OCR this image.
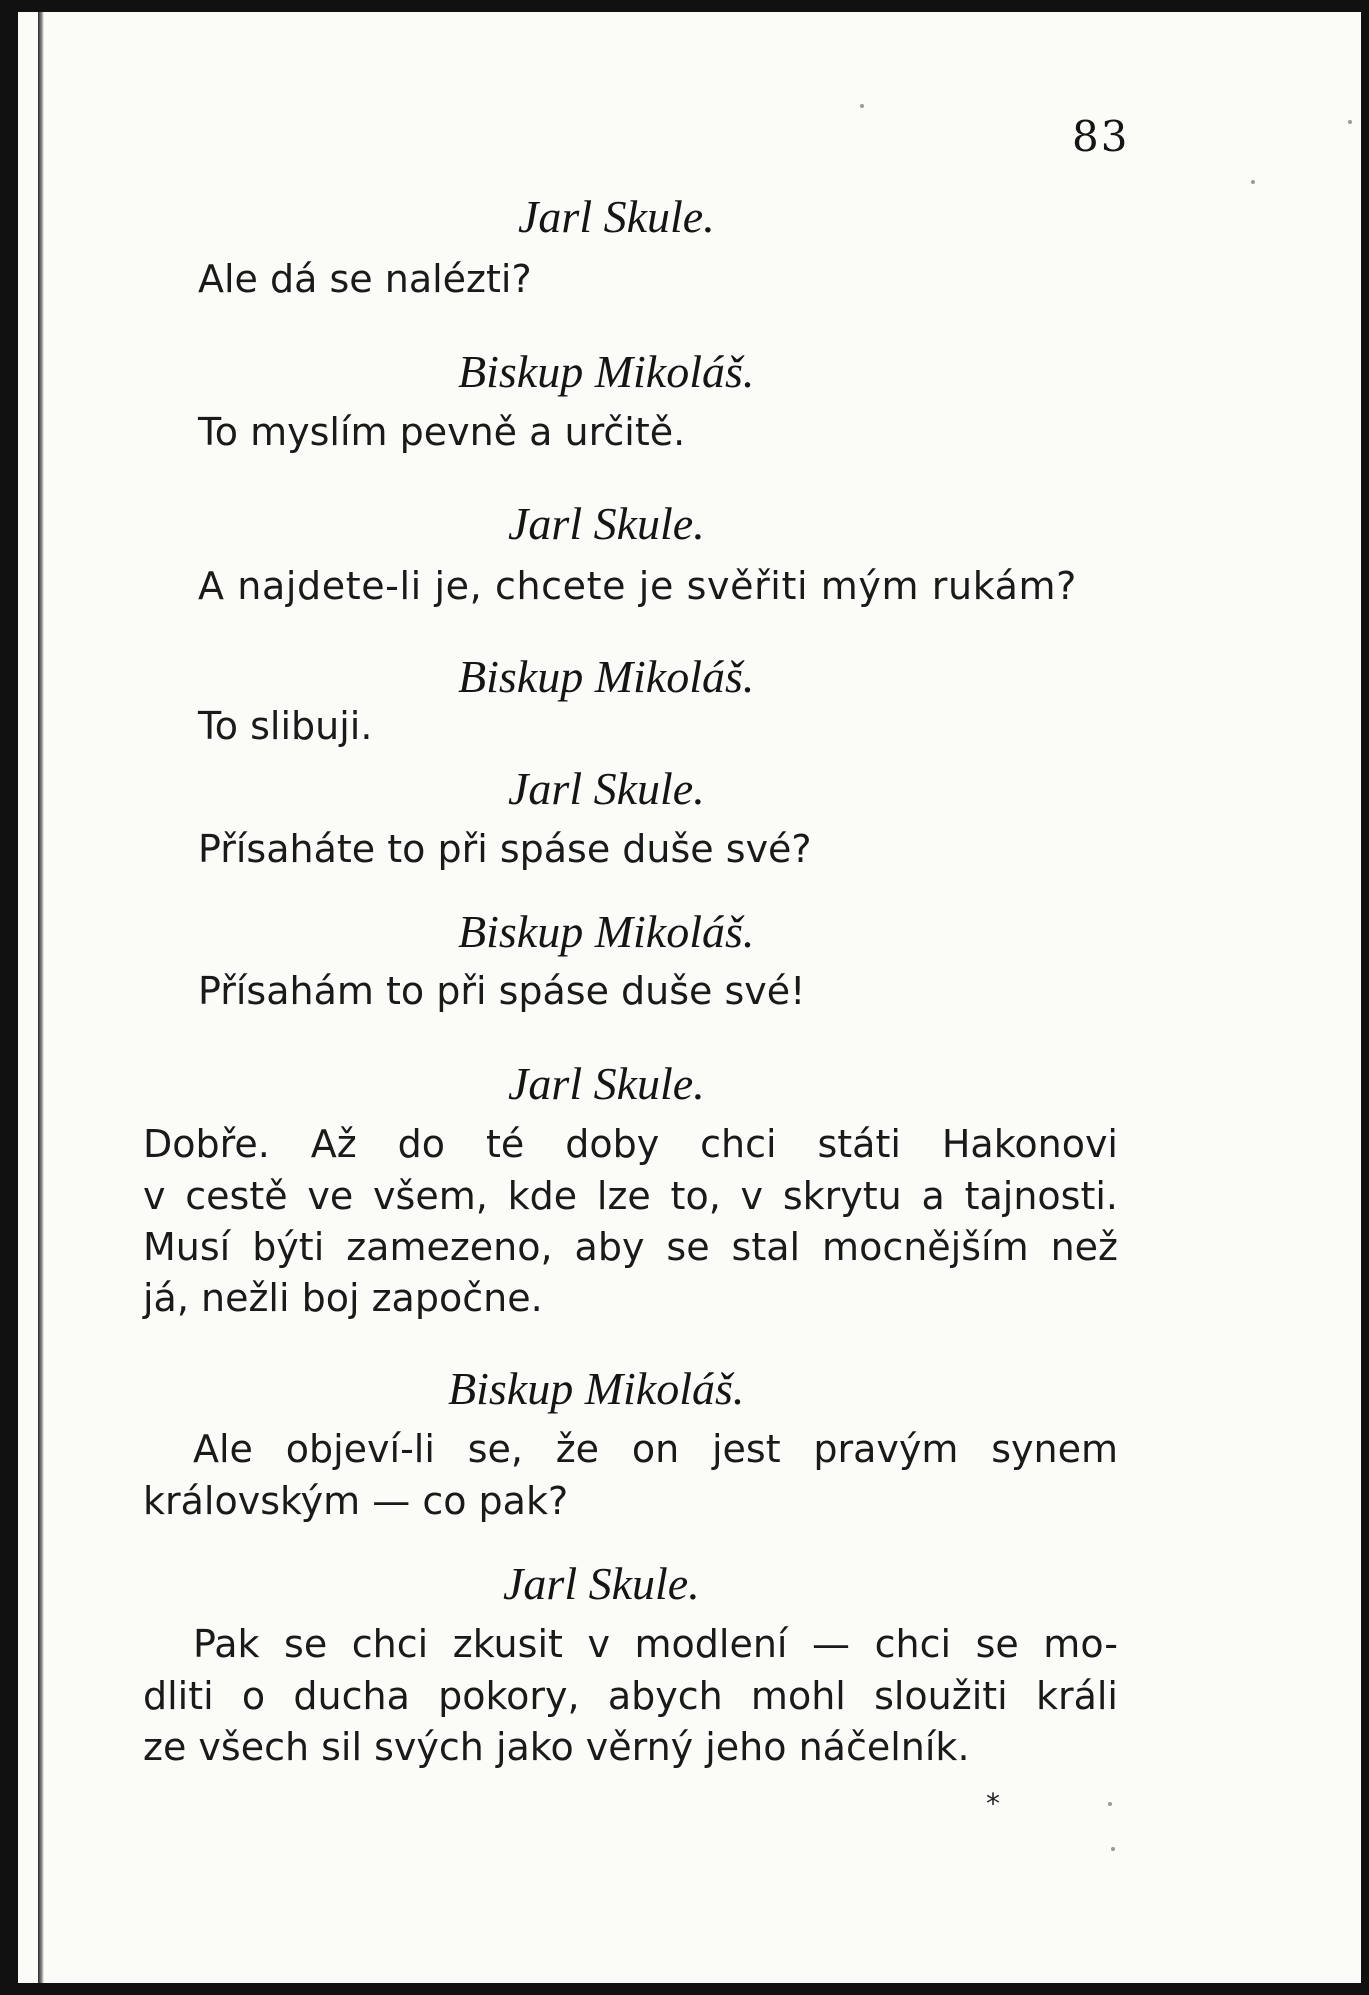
83

Jarl Skule.

Ale dá se nalézti?

Biskup Mikoláš.

To myslím pevně a určitě.

Jarl Skule.

A najdete-li je, chcete je svěřiti mým rukám?

Biskup Mikoláš.

To slibuji.

Jarl Skule.

Přísaháte to při spáse duše své?

Biskup Mikoláš.

Přísahám to při spáse duše své!

Jarl Skule.

Dobře. Až do té doby chci státi Hakonovi

v cestě ve všem, kde lze to, v skrytu a tajnosti.

Musí býti zamezeno, aby se stal mocnějším než

já, nežli boj započne.

Biskup Mikoláš.

Ale objeví-li se, že on jest pravým synem

královským — co pak?

Jarl Skule.

Pak se chci zkusit v modlení — chci se mo-

dliti o ducha pokory, abych mohl sloužiti králi

ze všech sil svých jako věrný jeho náčelník.

*
